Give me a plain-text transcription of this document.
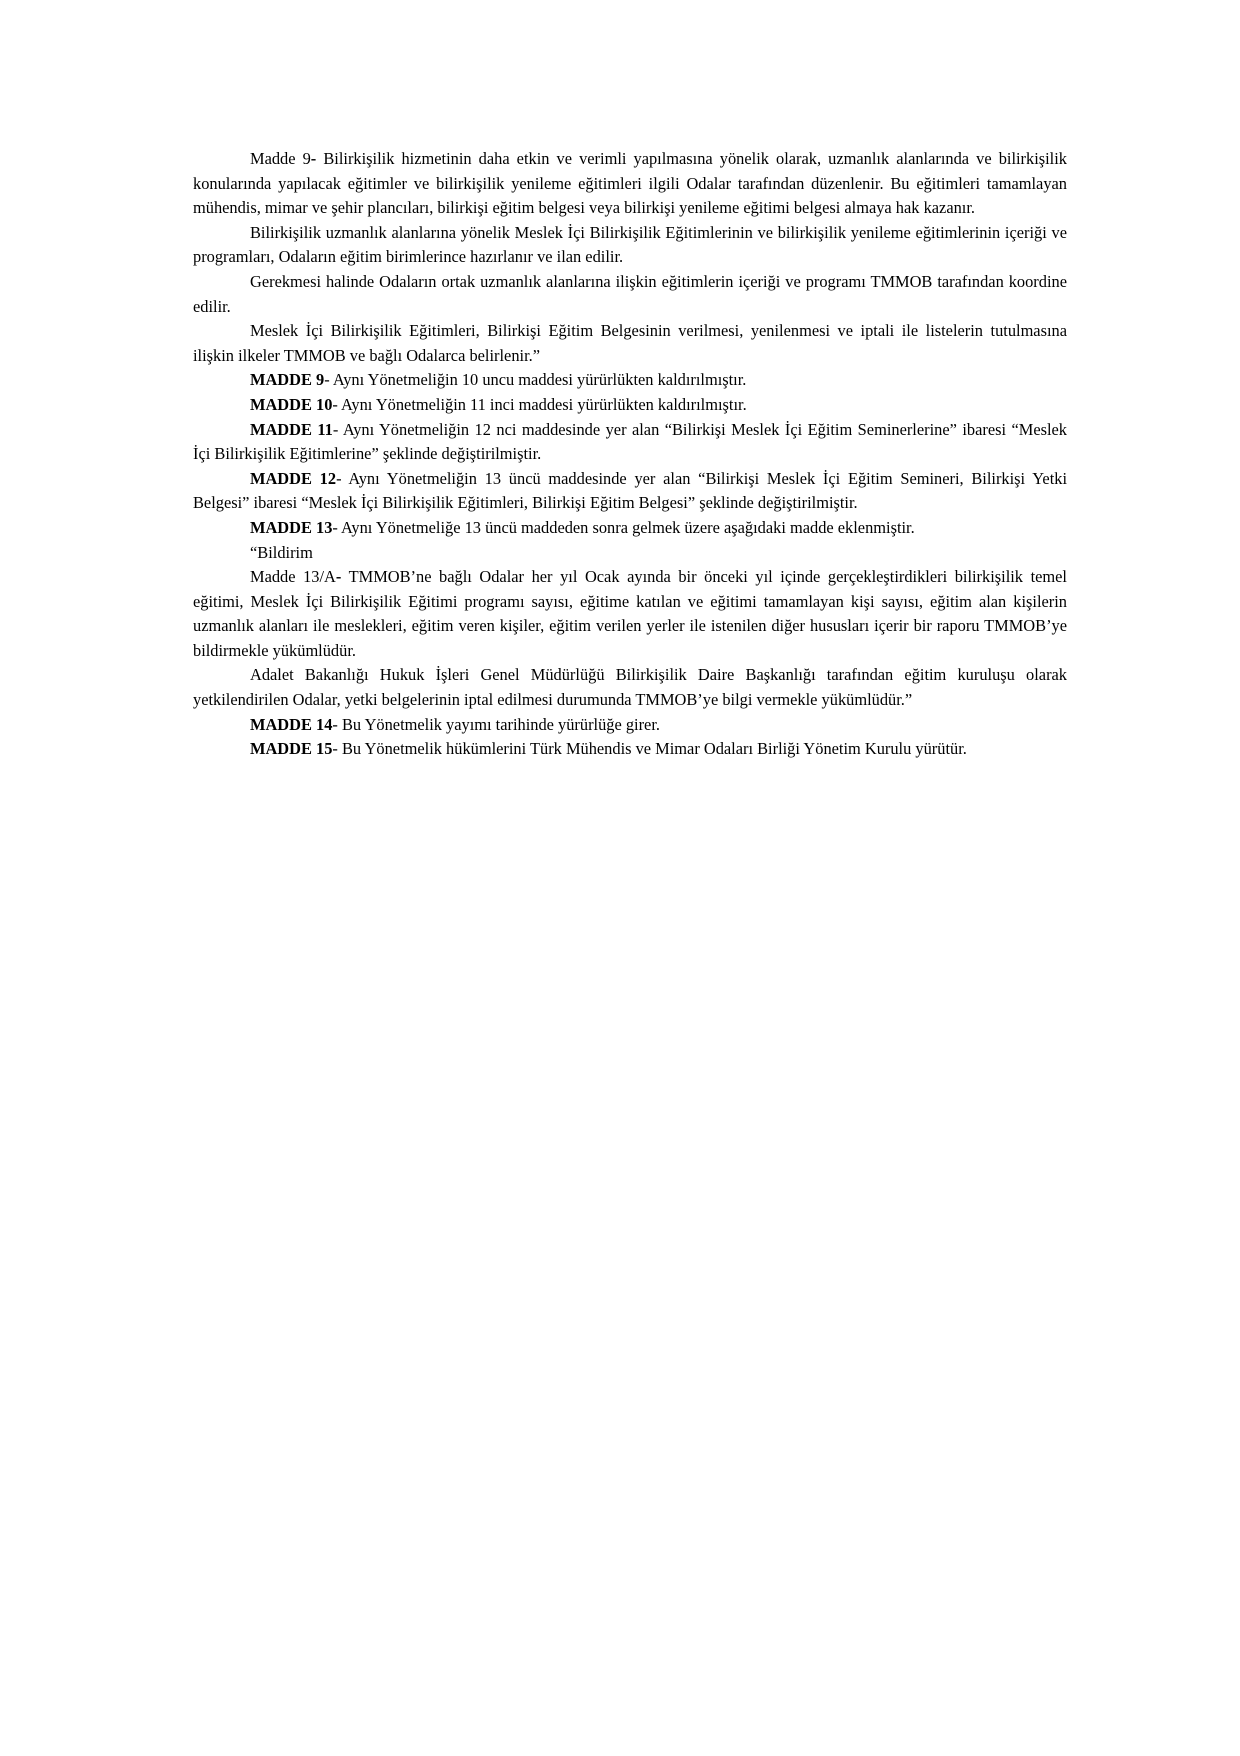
Madde 9- Bilirkişilik hizmetinin daha etkin ve verimli yapılmasına yönelik olarak, uzmanlık alanlarında ve bilirkişilik konularında yapılacak eğitimler ve bilirkişilik yenileme eğitimleri ilgili Odalar tarafından düzenlenir. Bu eğitimleri tamamlayan mühendis, mimar ve şehir plancıları, bilirkişi eğitim belgesi veya bilirkişi yenileme eğitimi belgesi almaya hak kazanır.

Bilirkişilik uzmanlık alanlarına yönelik Meslek İçi Bilirkişilik Eğitimlerinin ve bilirkişilik yenileme eğitimlerinin içeriği ve programları, Odaların eğitim birimlerince hazırlanır ve ilan edilir.

Gerekmesi halinde Odaların ortak uzmanlık alanlarına ilişkin eğitimlerin içeriği ve programı TMMOB tarafından koordine edilir.

Meslek İçi Bilirkişilik Eğitimleri, Bilirkişi Eğitim Belgesinin verilmesi, yenilenmesi ve iptali ile listelerin tutulmasına ilişkin ilkeler TMMOB ve bağlı Odalarca belirlenir.”

MADDE 9- Aynı Yönetmeliğin 10 uncu maddesi yürürlükten kaldırılmıştır.

MADDE 10- Aynı Yönetmeliğin 11 inci maddesi yürürlükten kaldırılmıştır.

MADDE 11- Aynı Yönetmeliğin 12 nci maddesinde yer alan “Bilirkişi Meslek İçi Eğitim Seminerlerine” ibaresi “Meslek İçi Bilirkişilik Eğitimlerine” şeklinde değiştirilmiştir.

MADDE 12- Aynı Yönetmeliğin 13 üncü maddesinde yer alan “Bilirkişi Meslek İçi Eğitim Semineri, Bilirkişi Yetki Belgesi” ibaresi “Meslek İçi Bilirkişilik Eğitimleri, Bilirkişi Eğitim Belgesi” şeklinde değiştirilmiştir.

MADDE 13- Aynı Yönetmeliğe 13 üncü maddeden sonra gelmek üzere aşağıdaki madde eklenmiştir.

“Bildirim

Madde 13/A- TMMOB’ne bağlı Odalar her yıl Ocak ayında bir önceki yıl içinde gerçekleştirdikleri bilirkişilik temel eğitimi, Meslek İçi Bilirkişilik Eğitimi programı sayısı, eğitime katılan ve eğitimi tamamlayan kişi sayısı, eğitim alan kişilerin uzmanlık alanları ile meslekleri, eğitim veren kişiler, eğitim verilen yerler ile istenilen diğer hususları içerir bir raporu TMMOB’ye bildirmekle yükümlüdür.

Adalet Bakanlığı Hukuk İşleri Genel Müdürlüğü Bilirkişilik Daire Başkanlığı tarafından eğitim kuruluşu olarak yetkilendirilen Odalar, yetki belgelerinin iptal edilmesi durumunda TMMOB’ye bilgi vermekle yükümlüdür.”

MADDE 14- Bu Yönetmelik yayımı tarihinde yürürlüğe girer.

MADDE 15- Bu Yönetmelik hükümlerini Türk Mühendis ve Mimar Odaları Birliği Yönetim Kurulu yürütür.
